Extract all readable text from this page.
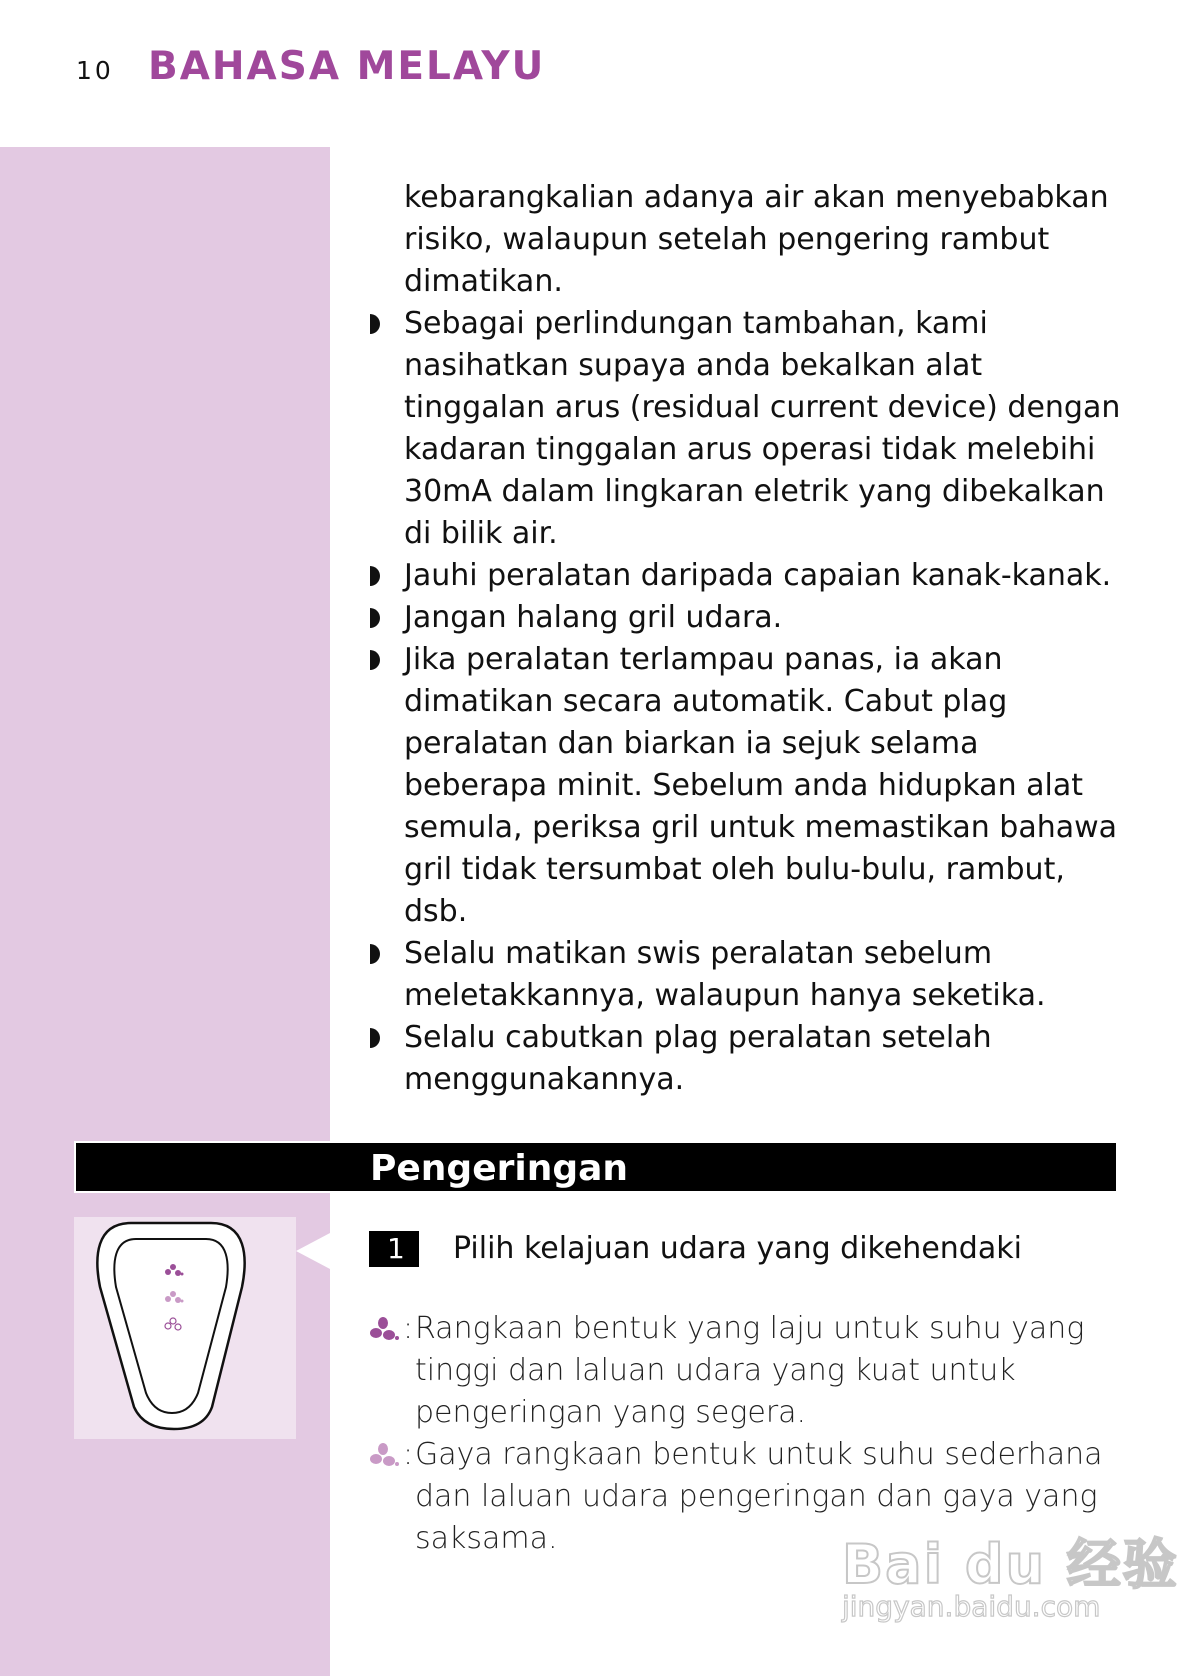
10 BAHASA MELAYU

kebarangkalian adanya air akan menyebabkan risiko, walaupun setelah pengering rambut dimatikan.

Sebagai perlindungan tambahan, kami nasihatkan supaya anda bekalkan alat tinggalan arus (residual current device) dengan kadaran tinggalan arus operasi tidak melebihi 30mA dalam lingkaran eletrik yang dibekalkan di bilik air.
Jauhi peralatan daripada capaian kanak-kanak.
Jangan halang gril udara.
Jika peralatan terlampau panas, ia akan dimatikan secara automatik. Cabut plag peralatan dan biarkan ia sejuk selama beberapa minit. Sebelum anda hidupkan alat semula, periksa gril untuk memastikan bahawa gril tidak tersumbat oleh bulu-bulu, rambut, dsb.
Selalu matikan swis peralatan sebelum meletakkannya, walaupun hanya seketika.
Selalu cabutkan plag peralatan setelah menggunakannya.
Pengeringan
1	Pilih kelajuan udara yang dikehendaki
: Rangkaan bentuk yang laju untuk suhu yang tinggi dan laluan udara yang kuat untuk pengeringan yang segera.
: Gaya rangkaan bentuk untuk suhu sederhana dan laluan udara pengeringan dan gaya yang saksama.	Bai du 经验
jingyan.baidu.com
